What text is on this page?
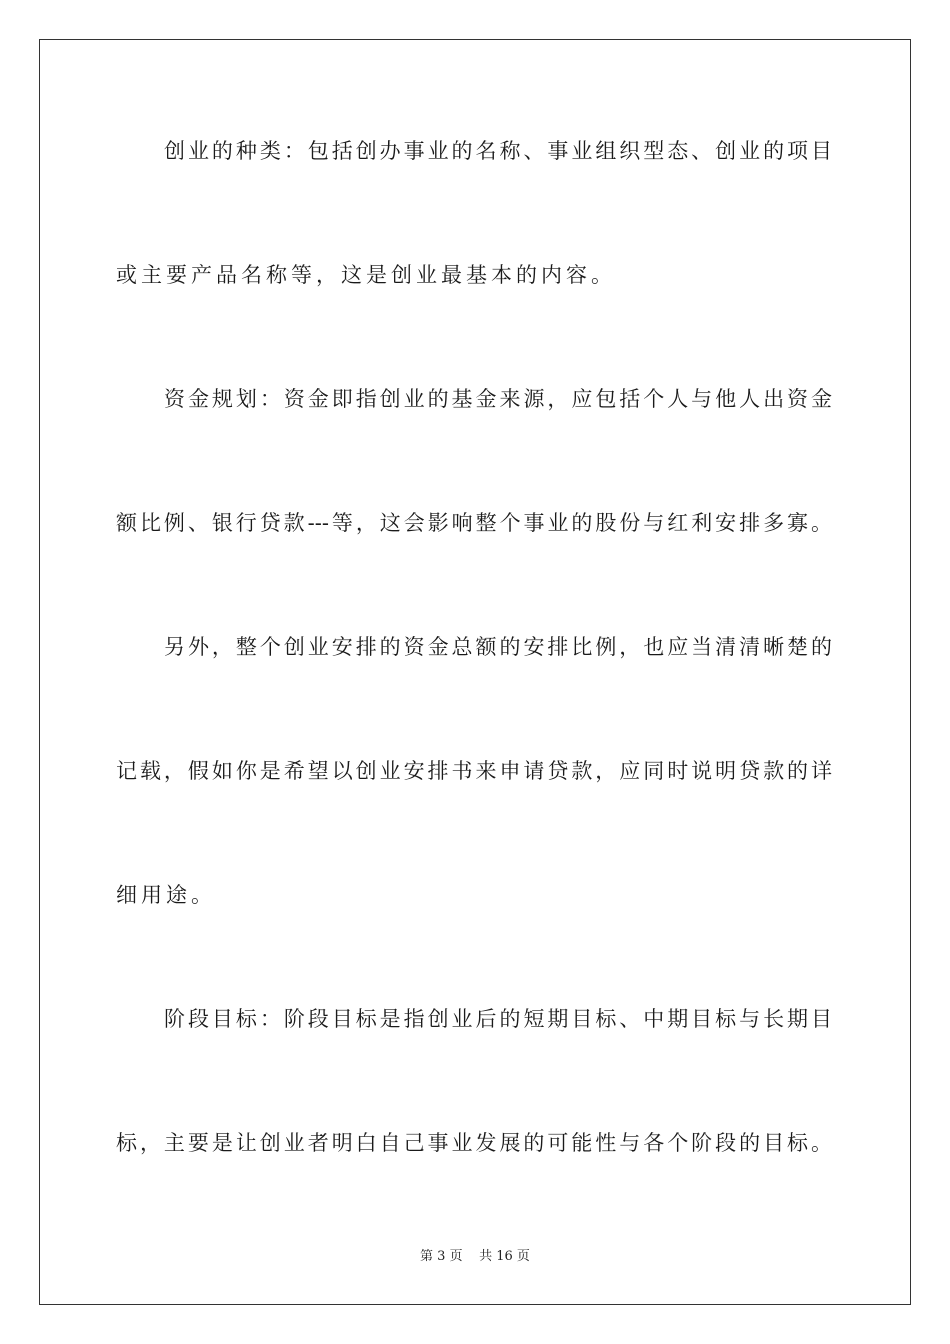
创业的种类：包括创办事业的名称、事业组织型态、创业的项目
或主要产品名称等，这是创业最基本的内容。
资金规划：资金即指创业的基金来源，应包括个人与他人出资金
额比例、银行贷款---等，这会影响整个事业的股份与红利安排多寡。
另外，整个创业安排的资金总额的安排比例，也应当清清晰楚的
记载，假如你是希望以创业安排书来申请贷款，应同时说明贷款的详
细用途。
阶段目标：阶段目标是指创业后的短期目标、中期目标与长期目
标，主要是让创业者明白自己事业发展的可能性与各个阶段的目标。
第 3 页 共 16 页
